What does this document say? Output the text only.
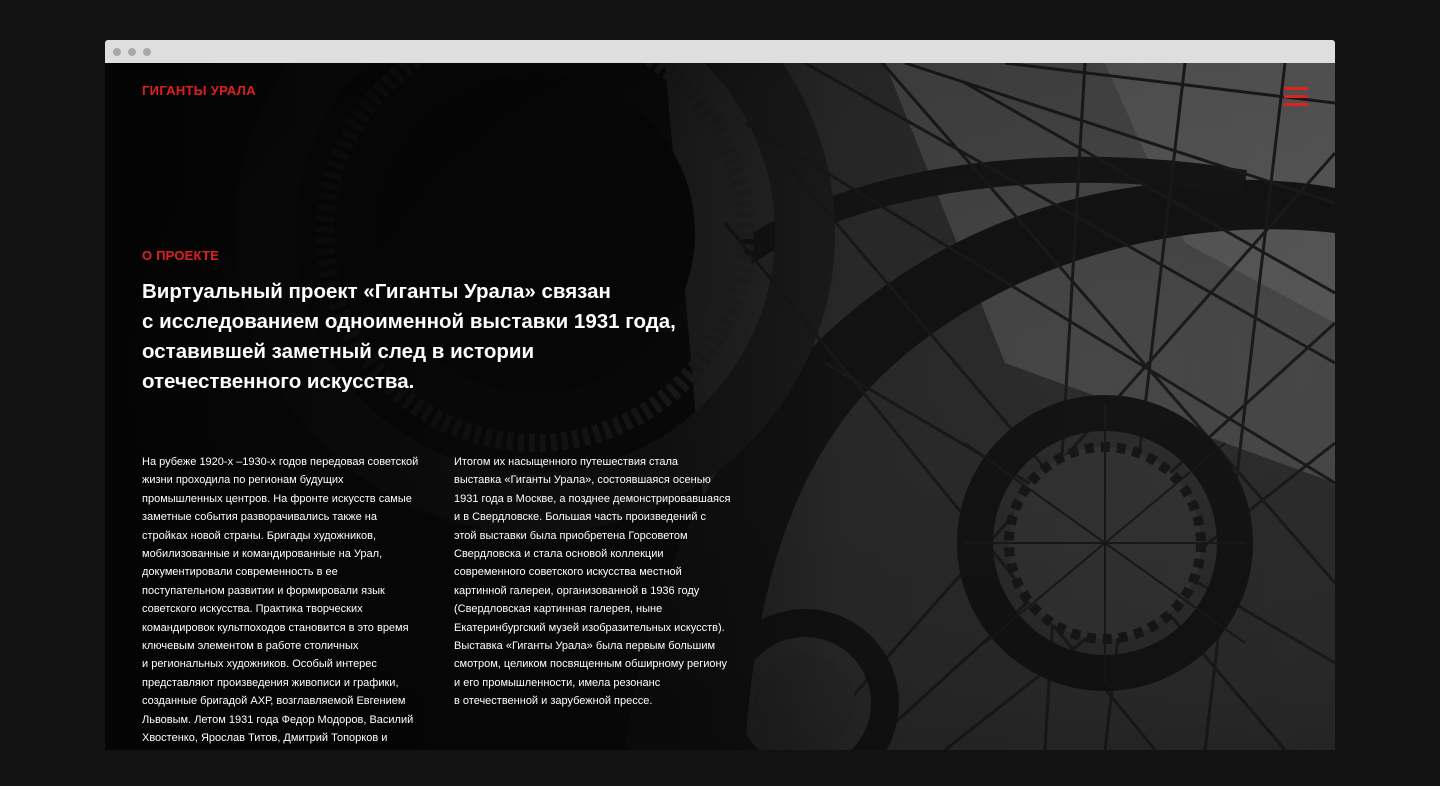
ГИГАНТЫ УРАЛА
О ПРОЕКТЕ
Виртуальный проект «Гиганты Урала» связан
с исследованием одноименной выставки 1931 года,
оставившей заметный след в истории
отечественного искусства.
На рубеже 1920-х –1930-х годов передовая советской
жизни проходила по регионам будущих
промышленных центров. На фронте искусств самые
заметные события разворачивались также на
стройках новой страны. Бригады художников,
мобилизованные и командированные на Урал,
документировали современность в ее
поступательном развитии и формировали язык
советского искусства. Практика творческих
командировок культпоходов становится в это время
ключевым элементом в работе столичных
и региональных художников. Особый интерес
представляют произведения живописи и графики,
созданные бригадой АХР, возглавляемой Евгением
Львовым. Летом 1931 года Федор Модоров, Василий
Хвостенко, Ярослав Титов, Дмитрий Топорков и
Итогом их насыщенного путешествия стала
выставка «Гиганты Урала», состоявшаяся осенью
1931 года в Москве, а позднее демонстрировавшаяся
и в Свердловске. Большая часть произведений с
этой выставки была приобретена Горсоветом
Свердловска и стала основой коллекции
современного советского искусства местной
картинной галереи, организованной в 1936 году
(Свердловская картинная галерея, ныне
Екатеринбургский музей изобразительных искусств).
Выставка «Гиганты Урала» была первым большим
смотром, целиком посвященным обширному региону
и его промышленности, имела резонанс
в отечественной и зарубежной прессе.
